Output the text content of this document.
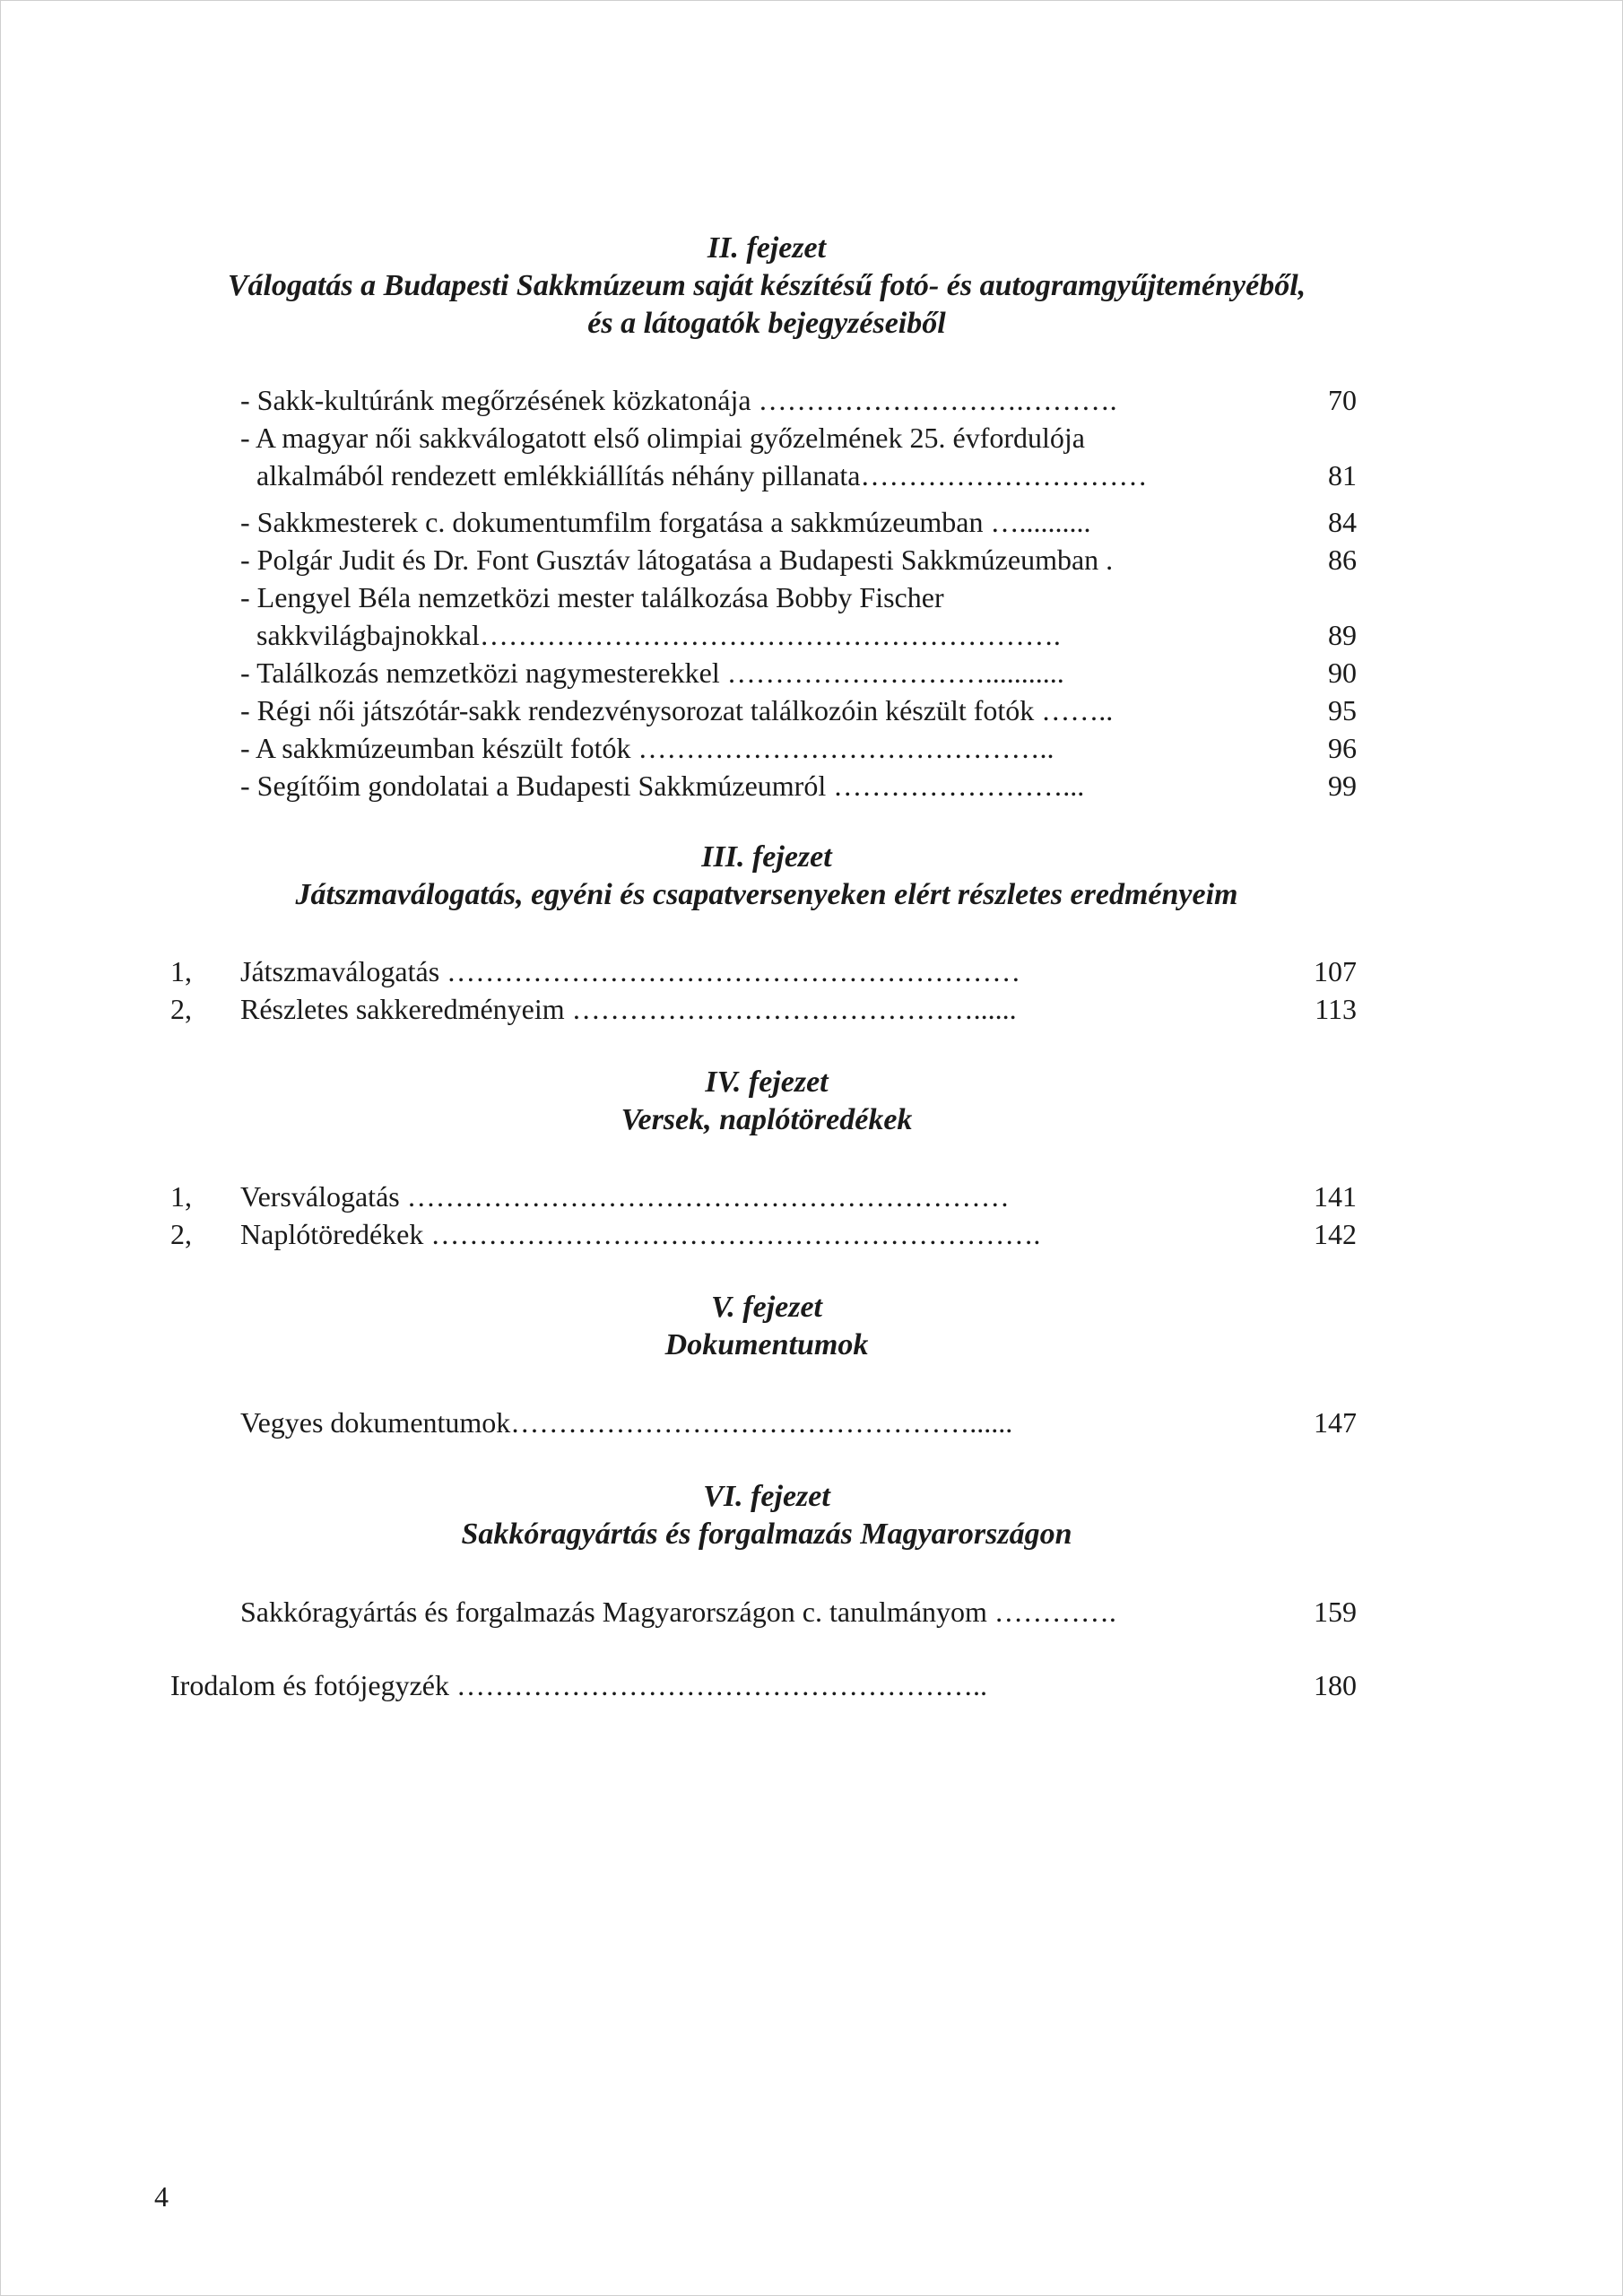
II. fejezet
Válogatás a Budapesti Sakkmúzeum saját készítésű fotó- és autogramgyűjteményéből,
és a látogatók bejegyzéseiből
- Sakk-kultúránk megőrzésének közkatonája ……………………….……….	70
- A magyar női sakkválogatott első olimpiai győzelmének 25. évfordulója
alkalmából rendezett emlékkiállítás néhány pillanata…………………………	81
- Sakkmesterek c. dokumentumfilm forgatása a sakkmúzeumban …..........	84
- Polgár Judit és Dr. Font Gusztáv látogatása a Budapesti Sakkmúzeumban .	86
- Lengyel Béla nemzetközi mester találkozása Bobby Fischer
sakkvilágbajnokkal…………………………………………………….	89
- Találkozás nemzetközi nagymesterekkel ………………………...........	90
- Régi női játszótár-sakk rendezvénysorozat találkozóin készült fotók ……..	95
- A sakkmúzeumban készült fotók ……………………………………..	96
- Segítőim gondolatai a Budapesti Sakkmúzeumról ……………………...	99
III. fejezet
Játszmaválogatás, egyéni és csapatversenyeken elért részletes eredményeim
1, Játszmaválogatás ……………………………………………………	107
2, Részletes sakkeredményeim ……………………………………......	113
IV. fejezet
Versek, naplótöredékek
1, Versválogatás ………………………………………………………	141
2, Naplótöredékek ……………………………………………………….	142
V. fejezet
Dokumentumok
Vegyes dokumentumok…………………………………………......	147
VI. fejezet
Sakkóragyártás és forgalmazás Magyarországon
Sakkóragyártás és forgalmazás Magyarországon c. tanulmányom ………….	159
Irodalom és fotójegyzék ………………………………………………..	180
4
